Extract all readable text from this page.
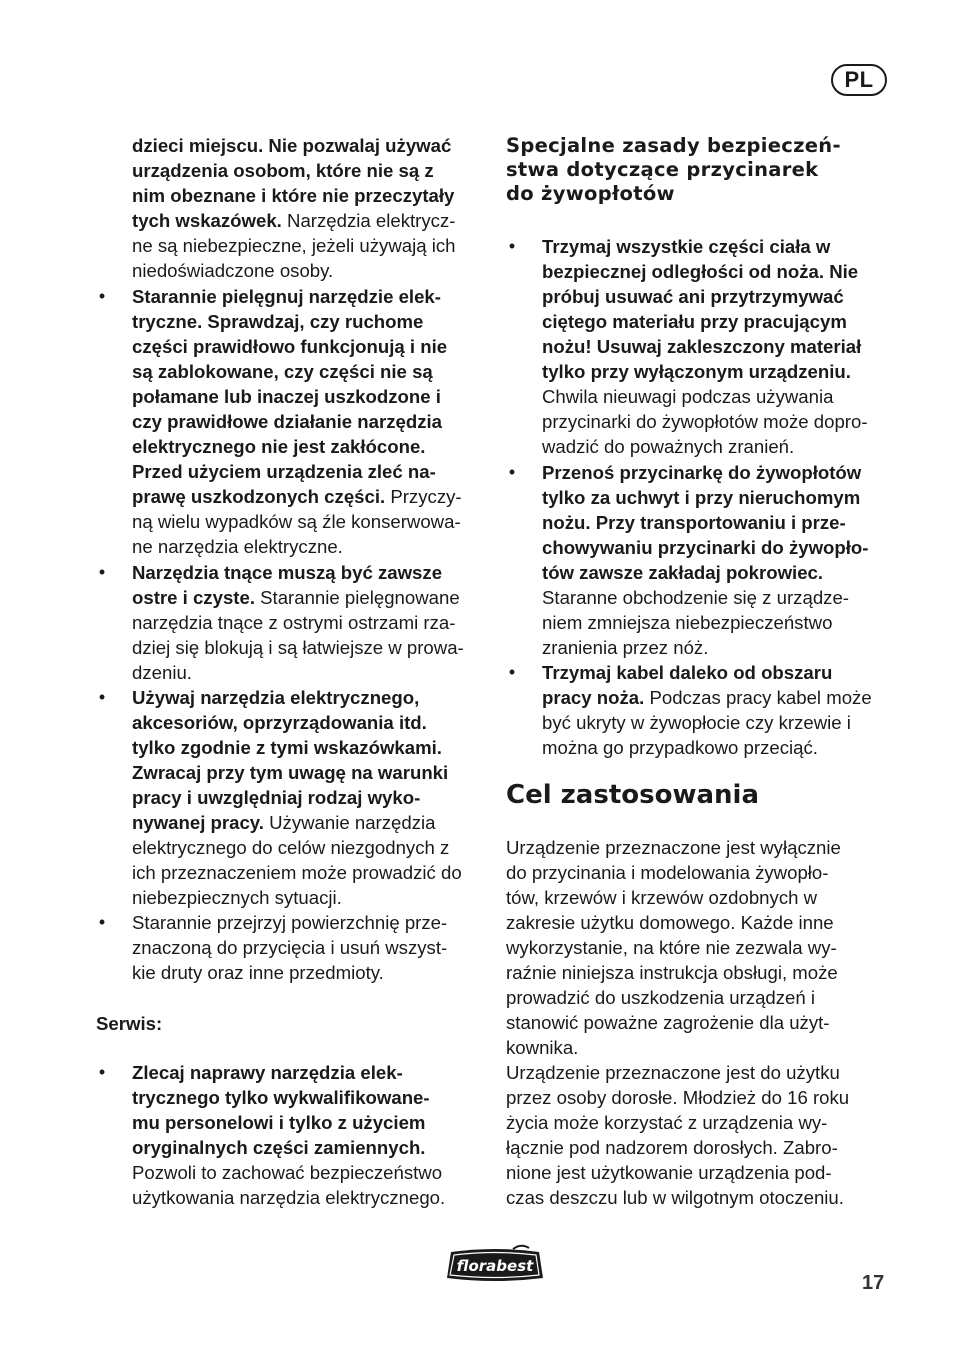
PL
dzieci miejscu. Nie pozwalaj używać
urządzenia osobom, które nie są z
nim obeznane i które nie przeczytały
tych wskazówek. Narzędzia elektrycz-
ne są niebezpieczne, jeżeli używają ich
niedoświadczone osoby.
• Starannie pielęgnuj narzędzie elek-
tryczne. Sprawdzaj, czy ruchome
części prawidłowo funkcjonują i nie
są zablokowane, czy części nie są
połamane lub inaczej uszkodzone i
czy prawidłowe działanie narzędzia
elektrycznego nie jest zakłócone.
Przed użyciem urządzenia zleć na-
prawę uszkodzonych części. Przyczy-
ną wielu wypadków są źle konserwowa-
ne narzędzia elektryczne.
• Narzędzia tnące muszą być zawsze
ostre i czyste. Starannie pielęgnowane
narzędzia tnące z ostrymi ostrzami rza-
dziej się blokują i są łatwiejsze w prowa-
dzeniu.
• Używaj narzędzia elektrycznego,
akcesoriów, oprzyrządowania itd.
tylko zgodnie z tymi wskazówkami.
Zwracaj przy tym uwagę na warunki
pracy i uwzględniaj rodzaj wyko-
nywanej pracy. Używanie narzędzia
elektrycznego do celów niezgodnych z
ich przeznaczeniem może prowadzić do
niebezpiecznych sytuacji.
• Starannie przejrzyj powierzchnię prze-
znaczoną do przycięcia i usuń wszyst-
kie druty oraz inne przedmioty.
Serwis:
• Zlecaj naprawy narzędzia elek-
trycznego tylko wykwalifikowane-
mu personelowi i tylko z użyciem
oryginalnych części zamiennych.
Pozwoli to zachować bezpieczeństwo
użytkowania narzędzia elektrycznego.
Specjalne zasady bezpieczeń-
stwa dotyczące przycinarek
do żywopłotów
• Trzymaj wszystkie części ciała w
bezpiecznej odległości od noża. Nie
próbuj usuwać ani przytrzymywać
ciętego materiału przy pracującym
nożu! Usuwaj zakleszczony materiał
tylko przy wyłączonym urządzeniu.
Chwila nieuwagi podczas używania
przycinarki do żywopłotów może dopro-
wadzić do poważnych zranień.
• Przenoś przycinarkę do żywopłotów
tylko za uchwyt i przy nieruchomym
nożu. Przy transportowaniu i prze-
chowywaniu przycinarki do żywopło-
tów zawsze zakładaj pokrowiec.
Staranne obchodzenie się z urządze-
niem zmniejsza niebezpieczeństwo
zranienia przez nóż.
• Trzymaj kabel daleko od obszaru
pracy noża. Podczas pracy kabel może
być ukryty w żywopłocie czy krzewie i
można go przypadkowo przeciąć.
Cel zastosowania
Urządzenie przeznaczone jest wyłącznie
do przycinania i modelowania żywopło-
tów, krzewów i krzewów ozdobnych w
zakresie użytku domowego. Każde inne
wykorzystanie, na które nie zezwala wy-
raźnie niniejsza instrukcja obsługi, może
prowadzić do uszkodzenia urządzeń i
stanowić poważne zagrożenie dla użyt-
kownika.
Urządzenie przeznaczone jest do użytku
przez osoby dorosłe. Młodzież do 16 roku
życia może korzystać z urządzenia wy-
łącznie pod nadzorem dorosłych. Zabro-
nione jest użytkowanie urządzenia pod-
czas deszczu lub w wilgotnym otoczeniu.
florabest
17
